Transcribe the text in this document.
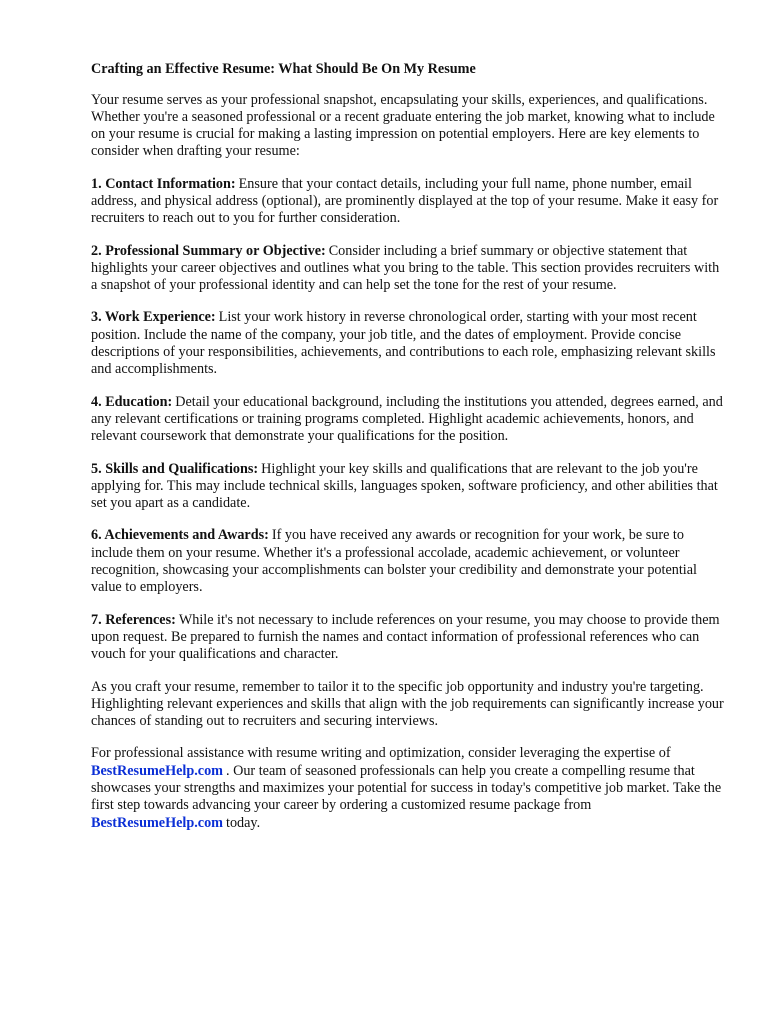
Crafting an Effective Resume: What Should Be On My Resume

Your resume serves as your professional snapshot, encapsulating your skills, experiences, and qualifications. Whether you're a seasoned professional or a recent graduate entering the job market, knowing what to include on your resume is crucial for making a lasting impression on potential employers. Here are key elements to consider when drafting your resume:

1. Contact Information: Ensure that your contact details, including your full name, phone number, email address, and physical address (optional), are prominently displayed at the top of your resume. Make it easy for recruiters to reach out to you for further consideration.

2. Professional Summary or Objective: Consider including a brief summary or objective statement that highlights your career objectives and outlines what you bring to the table. This section provides recruiters with a snapshot of your professional identity and can help set the tone for the rest of your resume.

3. Work Experience: List your work history in reverse chronological order, starting with your most recent position. Include the name of the company, your job title, and the dates of employment. Provide concise descriptions of your responsibilities, achievements, and contributions to each role, emphasizing relevant skills and accomplishments.

4. Education: Detail your educational background, including the institutions you attended, degrees earned, and any relevant certifications or training programs completed. Highlight academic achievements, honors, and relevant coursework that demonstrate your qualifications for the position.

5. Skills and Qualifications: Highlight your key skills and qualifications that are relevant to the job you're applying for. This may include technical skills, languages spoken, software proficiency, and other abilities that set you apart as a candidate.

6. Achievements and Awards: If you have received any awards or recognition for your work, be sure to include them on your resume. Whether it's a professional accolade, academic achievement, or volunteer recognition, showcasing your accomplishments can bolster your credibility and demonstrate your potential value to employers.

7. References: While it's not necessary to include references on your resume, you may choose to provide them upon request. Be prepared to furnish the names and contact information of professional references who can vouch for your qualifications and character.

As you craft your resume, remember to tailor it to the specific job opportunity and industry you're targeting. Highlighting relevant experiences and skills that align with the job requirements can significantly increase your chances of standing out to recruiters and securing interviews.

For professional assistance with resume writing and optimization, consider leveraging the expertise of BestResumeHelp.com . Our team of seasoned professionals can help you create a compelling resume that showcases your strengths and maximizes your potential for success in today's competitive job market. Take the first step towards advancing your career by ordering a customized resume package from BestResumeHelp.com today.
